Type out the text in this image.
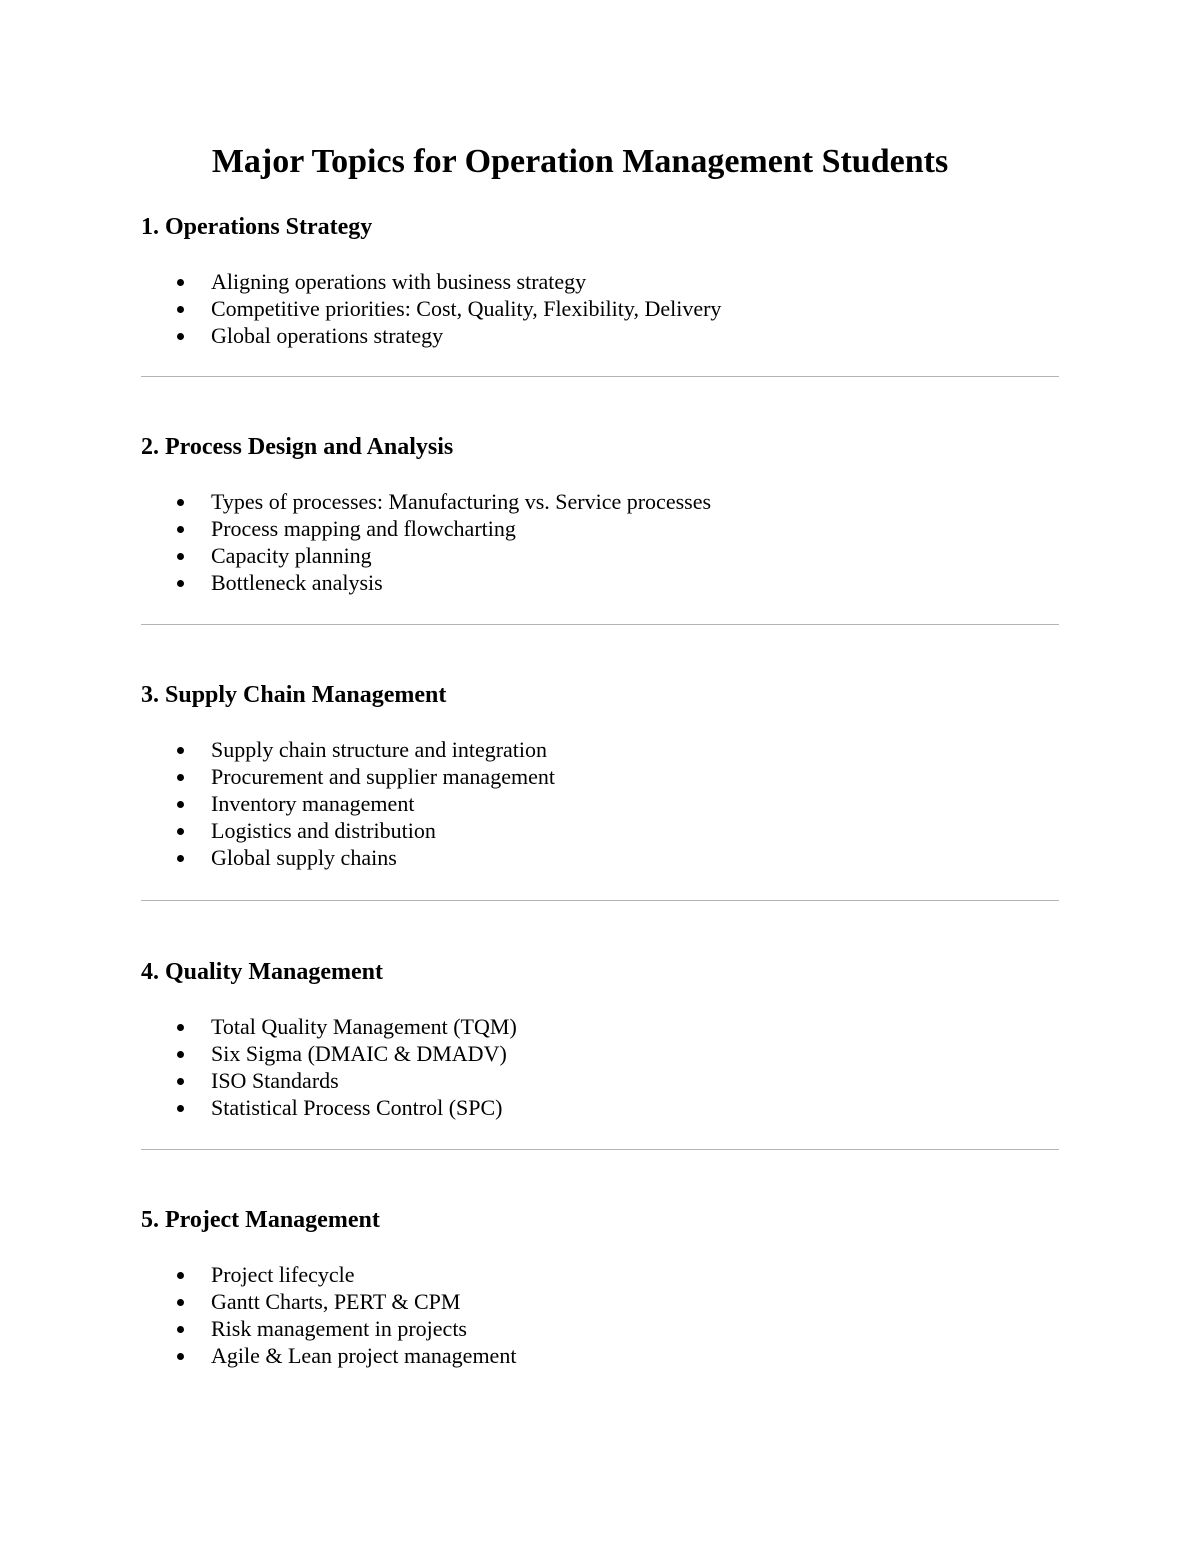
Major Topics for Operation Management Students
1. Operations Strategy
Aligning operations with business strategy
Competitive priorities: Cost, Quality, Flexibility, Delivery
Global operations strategy
2. Process Design and Analysis
Types of processes: Manufacturing vs. Service processes
Process mapping and flowcharting
Capacity planning
Bottleneck analysis
3. Supply Chain Management
Supply chain structure and integration
Procurement and supplier management
Inventory management
Logistics and distribution
Global supply chains
4. Quality Management
Total Quality Management (TQM)
Six Sigma (DMAIC & DMADV)
ISO Standards
Statistical Process Control (SPC)
5. Project Management
Project lifecycle
Gantt Charts, PERT & CPM
Risk management in projects
Agile & Lean project management
